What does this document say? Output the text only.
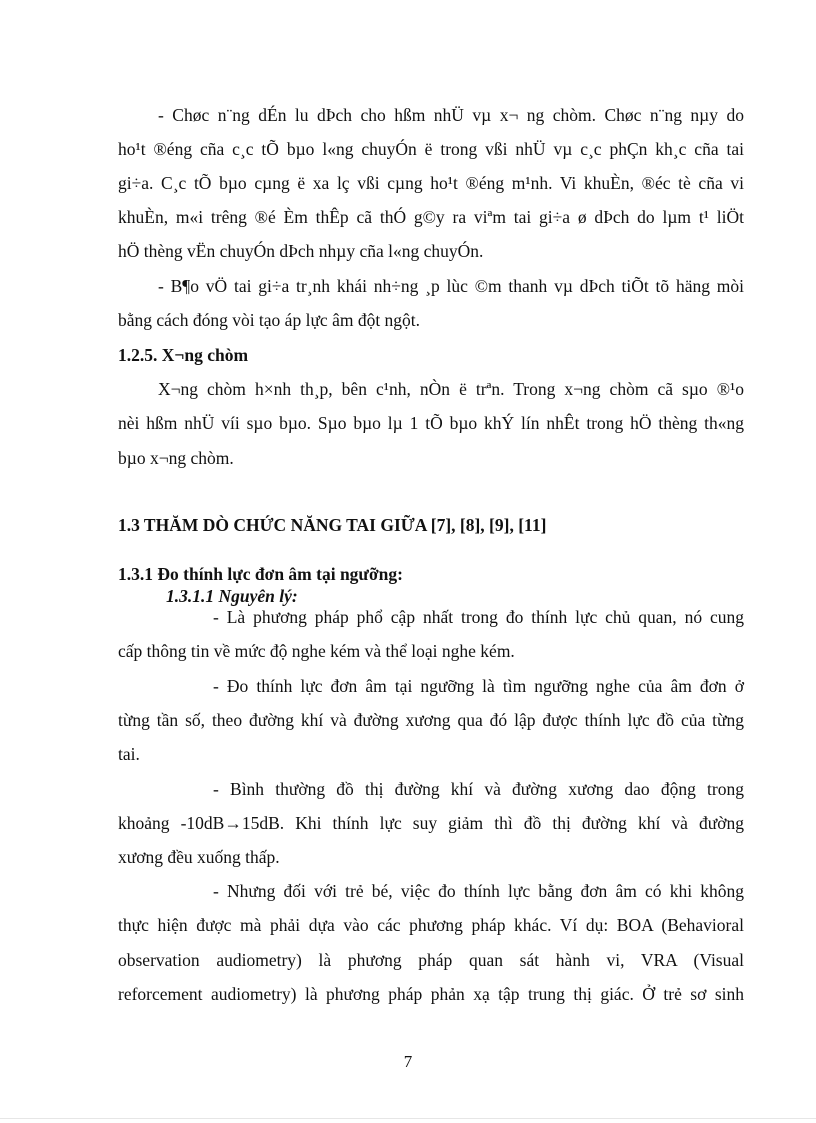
- Chøc n¨ng dÉn lu dÞch cho hßm nhÜ vµ x¬ ng chòm. Chøc n¨ng nµy do
ho¹t ®éng cña c¸c tÕ bµo l«ng chuyÓn ë trong vßi nhÜ vµ c¸c phÇn kh¸c cña tai
gi÷a. C¸c tÕ bµo cµng ë xa lç vßi cµng ho¹t ®éng m¹nh. Vi khuÈn, ®éc tè cña vi
khuÈn, m«i trêng ®é Èm thÊp cã thÓ g©y ra viªm tai gi÷a ø dÞch do lµm t¹ liÖt
hÖ thèng vËn chuyÓn dÞch nhµy cña l«ng chuyÓn.
- B¶o vÖ tai gi÷a tr¸nh khái nh÷ng ¸p lùc ©m thanh vµ dÞch tiÕt tõ häng mòi
bằng cách đóng vòi tạo áp lực âm đột ngột.
1.2.5. X¬ng chòm
X¬ng chòm h×nh th¸p, bên c¹nh, nÒn ë trªn. Trong x¬ng chòm cã sµo ®¹o
nèi hßm nhÜ víi sµo bµo. Sµo bµo lµ 1 tÕ bµo khÝ lín nhÊt trong hÖ thèng th«ng
bµo x¬ng chòm.
1.3 THĂM DÒ CHỨC NĂNG TAI GIỮA [7], [8], [9], [11]
1.3.1 Đo thính lực đơn âm tại ngưỡng:
1.3.1.1 Nguyên lý:
- Là phương pháp phổ cập nhất trong đo thính lực chủ quan, nó cung
cấp thông tin về mức độ nghe kém và thể loại nghe kém.
- Đo thính lực đơn âm tại ngưỡng là tìm ngưỡng nghe của âm đơn ở
từng tần số, theo đường khí và đường xương qua đó lập được thính lực đồ của từng
tai.
- Bình thường đồ thị đường khí và đường xương dao động trong
khoảng -10dB→15dB. Khi thính lực suy giảm thì đồ thị đường khí và đường
xương đều xuống thấp.
- Nhưng đối với trẻ bé, việc đo thính lực bằng đơn âm có khi không
thực hiện được mà phải dựa vào các phương pháp khác. Ví dụ: BOA (Behavioral
observation audiometry) là phương pháp quan sát hành vi, VRA (Visual
reforcement audiometry) là phương pháp phản xạ tập trung thị giác. Ở trẻ sơ sinh
7
